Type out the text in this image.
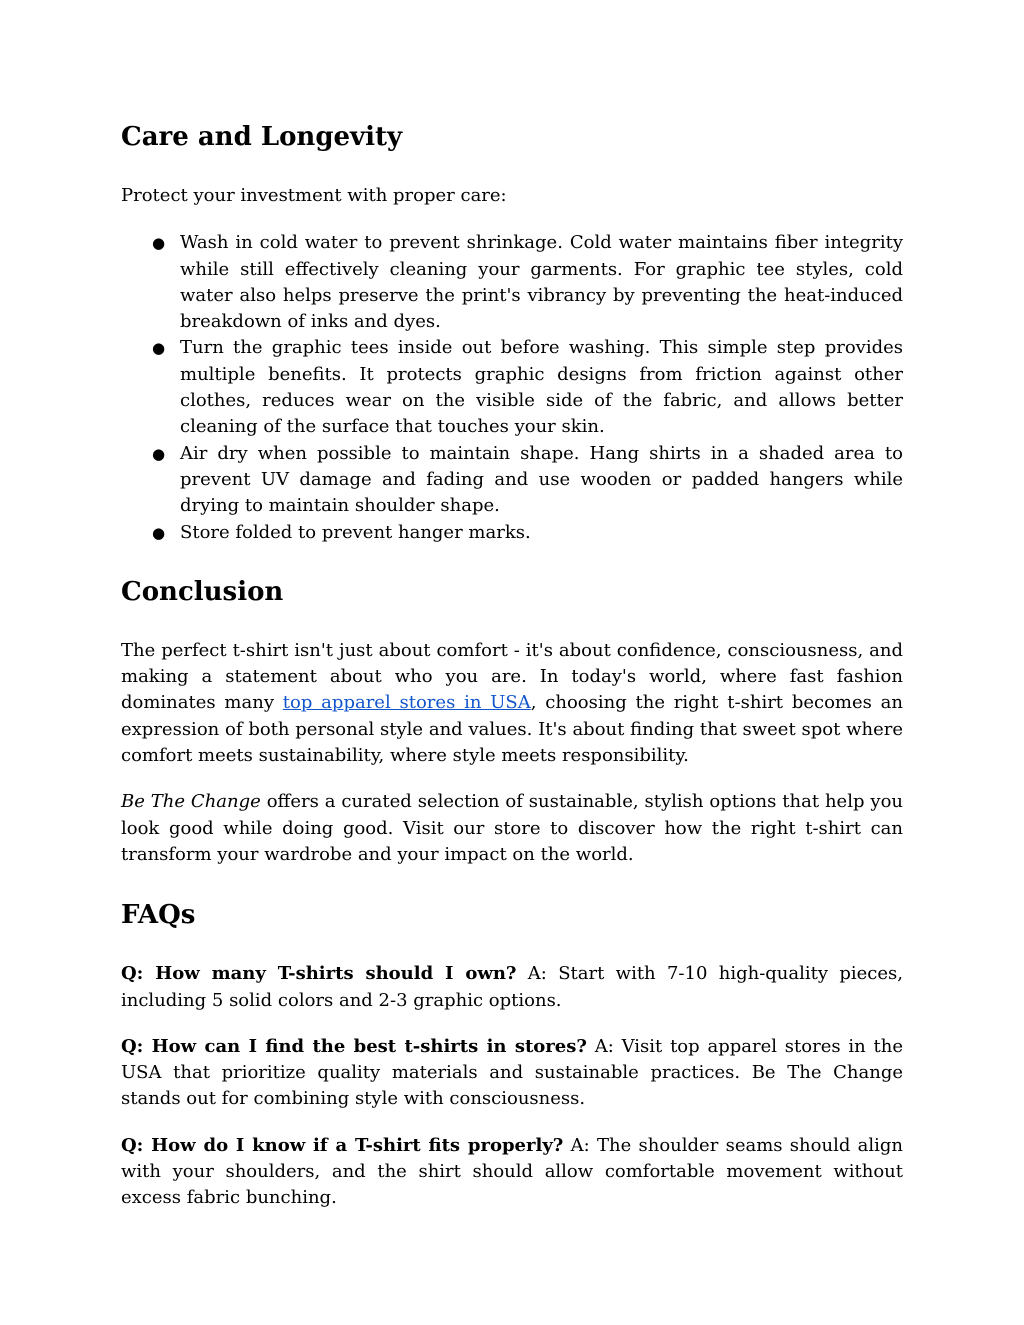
Care and Longevity

Protect your investment with proper care:

● Wash in cold water to prevent shrinkage. Cold water maintains fiber integrity while still effectively cleaning your garments. For graphic tee styles, cold water also helps preserve the print's vibrancy by preventing the heat-induced breakdown of inks and dyes.
● Turn the graphic tees inside out before washing. This simple step provides multiple benefits. It protects graphic designs from friction against other clothes, reduces wear on the visible side of the fabric, and allows better cleaning of the surface that touches your skin.
● Air dry when possible to maintain shape. Hang shirts in a shaded area to prevent UV damage and fading and use wooden or padded hangers while drying to maintain shoulder shape.
● Store folded to prevent hanger marks.
Conclusion

The perfect t-shirt isn't just about comfort - it's about confidence, consciousness, and making a statement about who you are. In today's world, where fast fashion dominates many top apparel stores in USA, choosing the right t-shirt becomes an expression of both personal style and values. It's about finding that sweet spot where comfort meets sustainability, where style meets responsibility.

Be The Change offers a curated selection of sustainable, stylish options that help you look good while doing good. Visit our store to discover how the right t-shirt can transform your wardrobe and your impact on the world.

FAQs

Q: How many T-shirts should I own? A: Start with 7-10 high-quality pieces, including 5 solid colors and 2-3 graphic options.

Q: How can I find the best t-shirts in stores? A: Visit top apparel stores in the USA that prioritize quality materials and sustainable practices. Be The Change stands out for combining style with consciousness.

Q: How do I know if a T-shirt fits properly? A: The shoulder seams should align with your shoulders, and the shirt should allow comfortable movement without excess fabric bunching.
